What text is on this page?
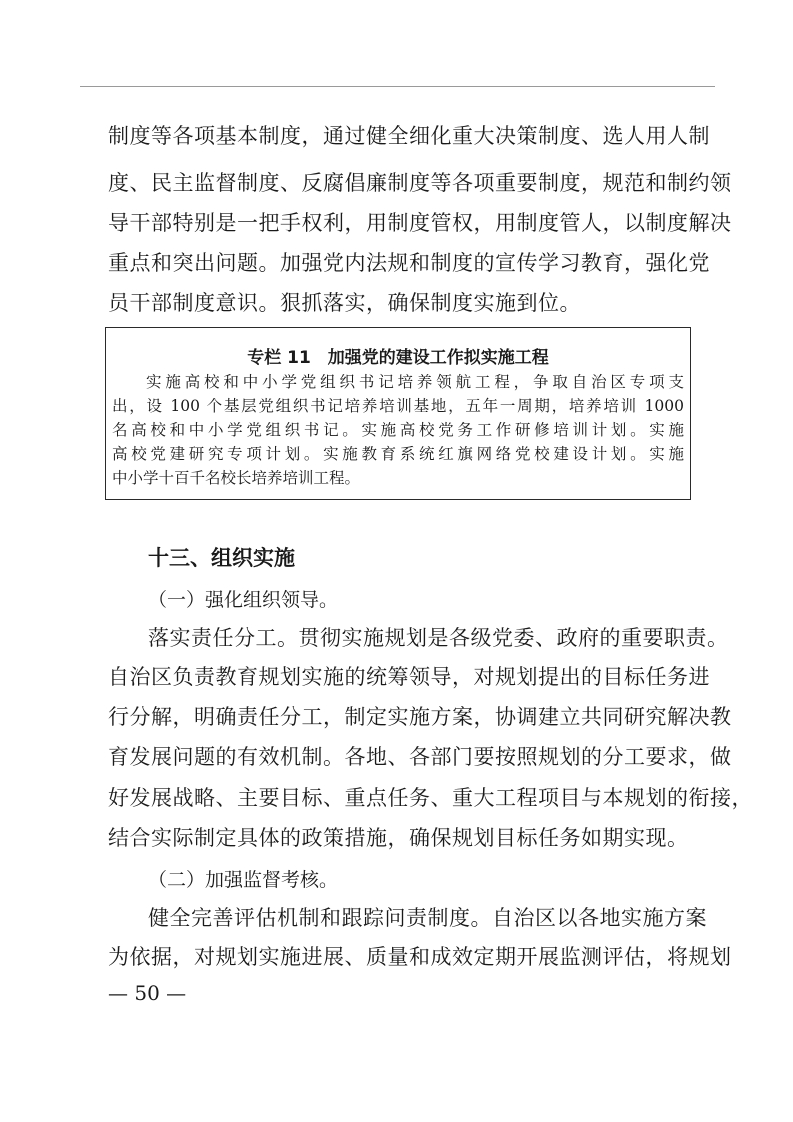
制度等各项基本制度，通过健全细化重大决策制度、选人用人制
度、民主监督制度、反腐倡廉制度等各项重要制度，规范和制约领
导干部特别是一把手权利，用制度管权，用制度管人，以制度解决
重点和突出问题。加强党内法规和制度的宣传学习教育，强化党
员干部制度意识。狠抓落实，确保制度实施到位。
专栏 11　加强党的建设工作拟实施工程
实施高校和中小学党组织书记培养领航工程，争取自治区专项支
出，设 100 个基层党组织书记培养培训基地，五年一周期，培养培训 1000
名高校和中小学党组织书记。实施高校党务工作研修培训计划。实施
高校党建研究专项计划。实施教育系统红旗网络党校建设计划。实施
中小学十百千名校长培养培训工程。
十三、组织实施
（一）强化组织领导。
落实责任分工。贯彻实施规划是各级党委、政府的重要职责。
自治区负责教育规划实施的统筹领导，对规划提出的目标任务进
行分解，明确责任分工，制定实施方案，协调建立共同研究解决教
育发展问题的有效机制。各地、各部门要按照规划的分工要求，做
好发展战略、主要目标、重点任务、重大工程项目与本规划的衔接，
结合实际制定具体的政策措施，确保规划目标任务如期实现。
（二）加强监督考核。
健全完善评估机制和跟踪问责制度。自治区以各地实施方案
为依据，对规划实施进展、质量和成效定期开展监测评估，将规划
— 50 —
